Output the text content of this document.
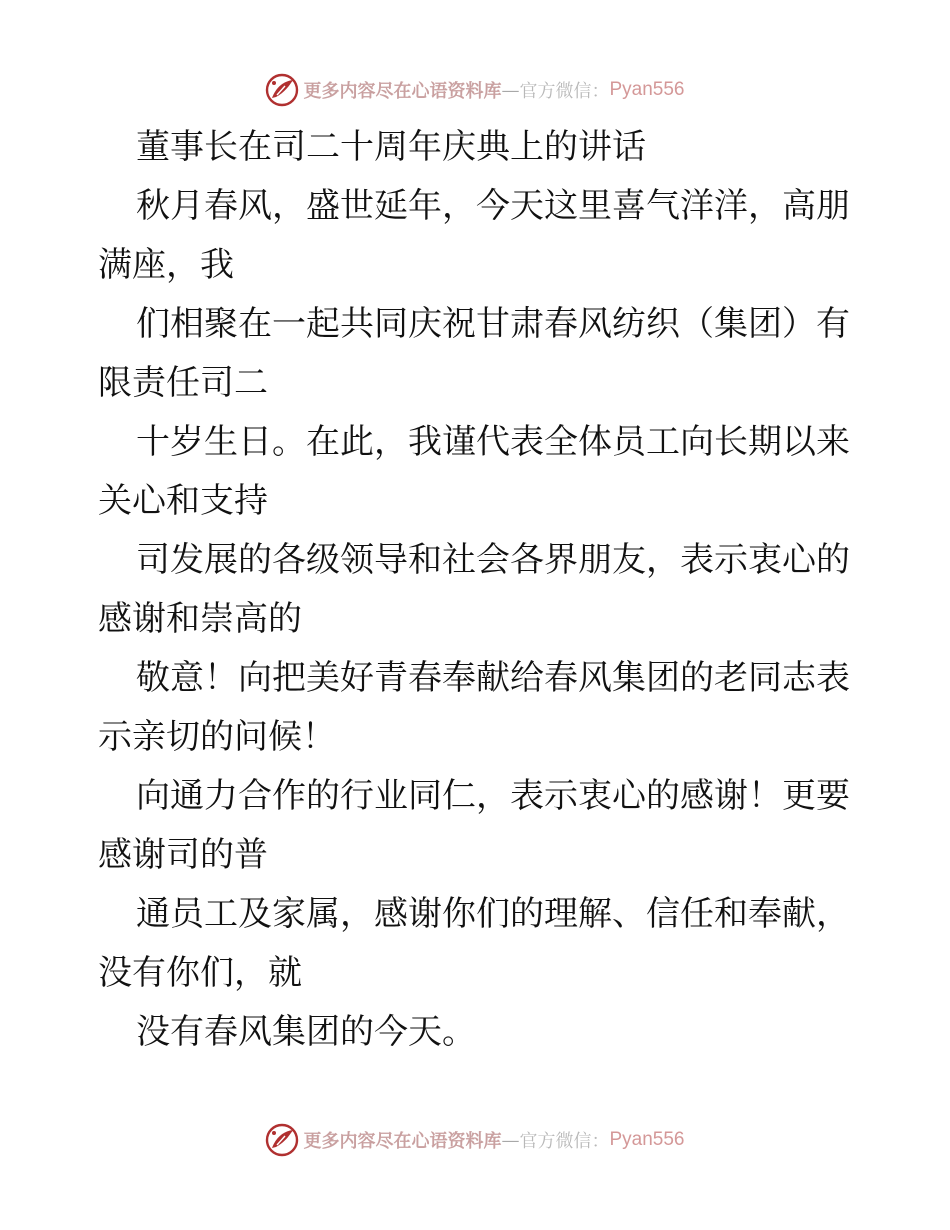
更多内容尽在心语资料库 — 官方微信： Pyan556
董事长在司二十周年庆典上的讲话
秋月春风，盛世延年，今天这里喜气洋洋，高朋
满座，我
们相聚在一起共同庆祝甘肃春风纺织（集团）有
限责任司二
十岁生日。在此，我谨代表全体员工向长期以来
关心和支持
司发展的各级领导和社会各界朋友，表示衷心的
感谢和崇高的
敬意！向把美好青春奉献给春风集团的老同志表
示亲切的问候！
向通力合作的行业同仁，表示衷心的感谢！更要
感谢司的普
通员工及家属，感谢你们的理解、信任和奉献，
没有你们，就
没有春风集团的今天。
更多内容尽在心语资料库 — 官方微信： Pyan556
